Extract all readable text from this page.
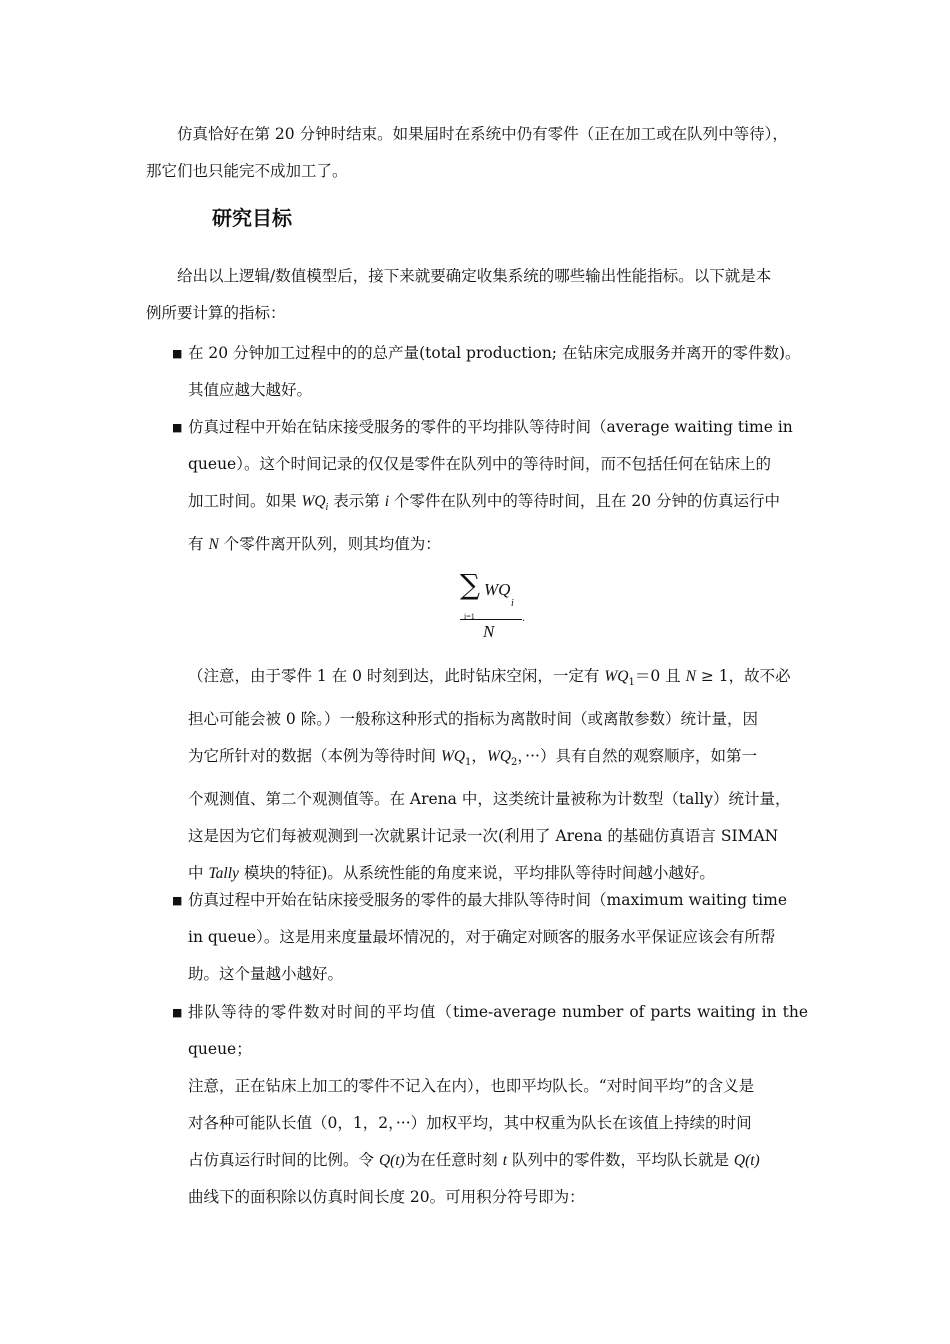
仿真恰好在第 20 分钟时结束。如果届时在系统中仍有零件（正在加工或在队列中等待），
那它们也只能完不成加工了。

研究目标

给出以上逻辑/数值模型后，接下来就要确定收集系统的哪些输出性能指标。以下就是本
例所要计算的指标：

■ 在 20 分钟加工过程中的的总产量(total production; 在钻床完成服务并离开的零件数)。
其值应越大越好。

■ 仿真过程中开始在钻床接受服务的零件的平均排队等待时间（average waiting time in
queue）。这个时间记录的仅仅是零件在队列中的等待时间，而不包括任何在钻床上的
加工时间。如果 $WQ_i$ 表示第 i 个零件在队列中的等待时间，且在 20 分钟的仿真运行中
有 N 个零件离开队列，则其均值为：

∑ WQ
i
i=1	.
N

（注意，由于零件 1 在 0 时刻到达，此时钻床空闲，一定有 $WQ_1=0$ 且 N ≥ 1，故不必
担心可能会被 0 除。）一般称这种形式的指标为离散时间（或离散参数）统计量，因
为它所针对的数据（本例为等待时间 $WQ_1$，$WQ_2$，···）具有自然的观察顺序，如第一
个观测值、第二个观测值等。在 Arena 中，这类统计量被称为计数型（tally）统计量，
这是因为它们每被观测到一次就累计记录一次(利用了 Arena 的基础仿真语言 SIMAN
中 Tally 模块的特征)。从系统性能的角度来说，平均排队等待时间越小越好。

■ 仿真过程中开始在钻床接受服务的零件的最大排队等待时间（maximum waiting time
in queue）。这是用来度量最坏情况的，对于确定对顾客的服务水平保证应该会有所帮
助。这个量越小越好。

■ 排队等待的零件数对时间的平均值（time-average number of parts waiting in the queue；
注意，正在钻床上加工的零件不记入在内），也即平均队长。“对时间平均”的含义是
对各种可能队长值（0，1，2，···）加权平均，其中权重为队长在该值上持续的时间
占仿真运行时间的比例。令 Q(t)为在任意时刻 t 队列中的零件数，平均队长就是 Q(t)
曲线下的面积除以仿真时间长度 20。可用积分符号即为：
